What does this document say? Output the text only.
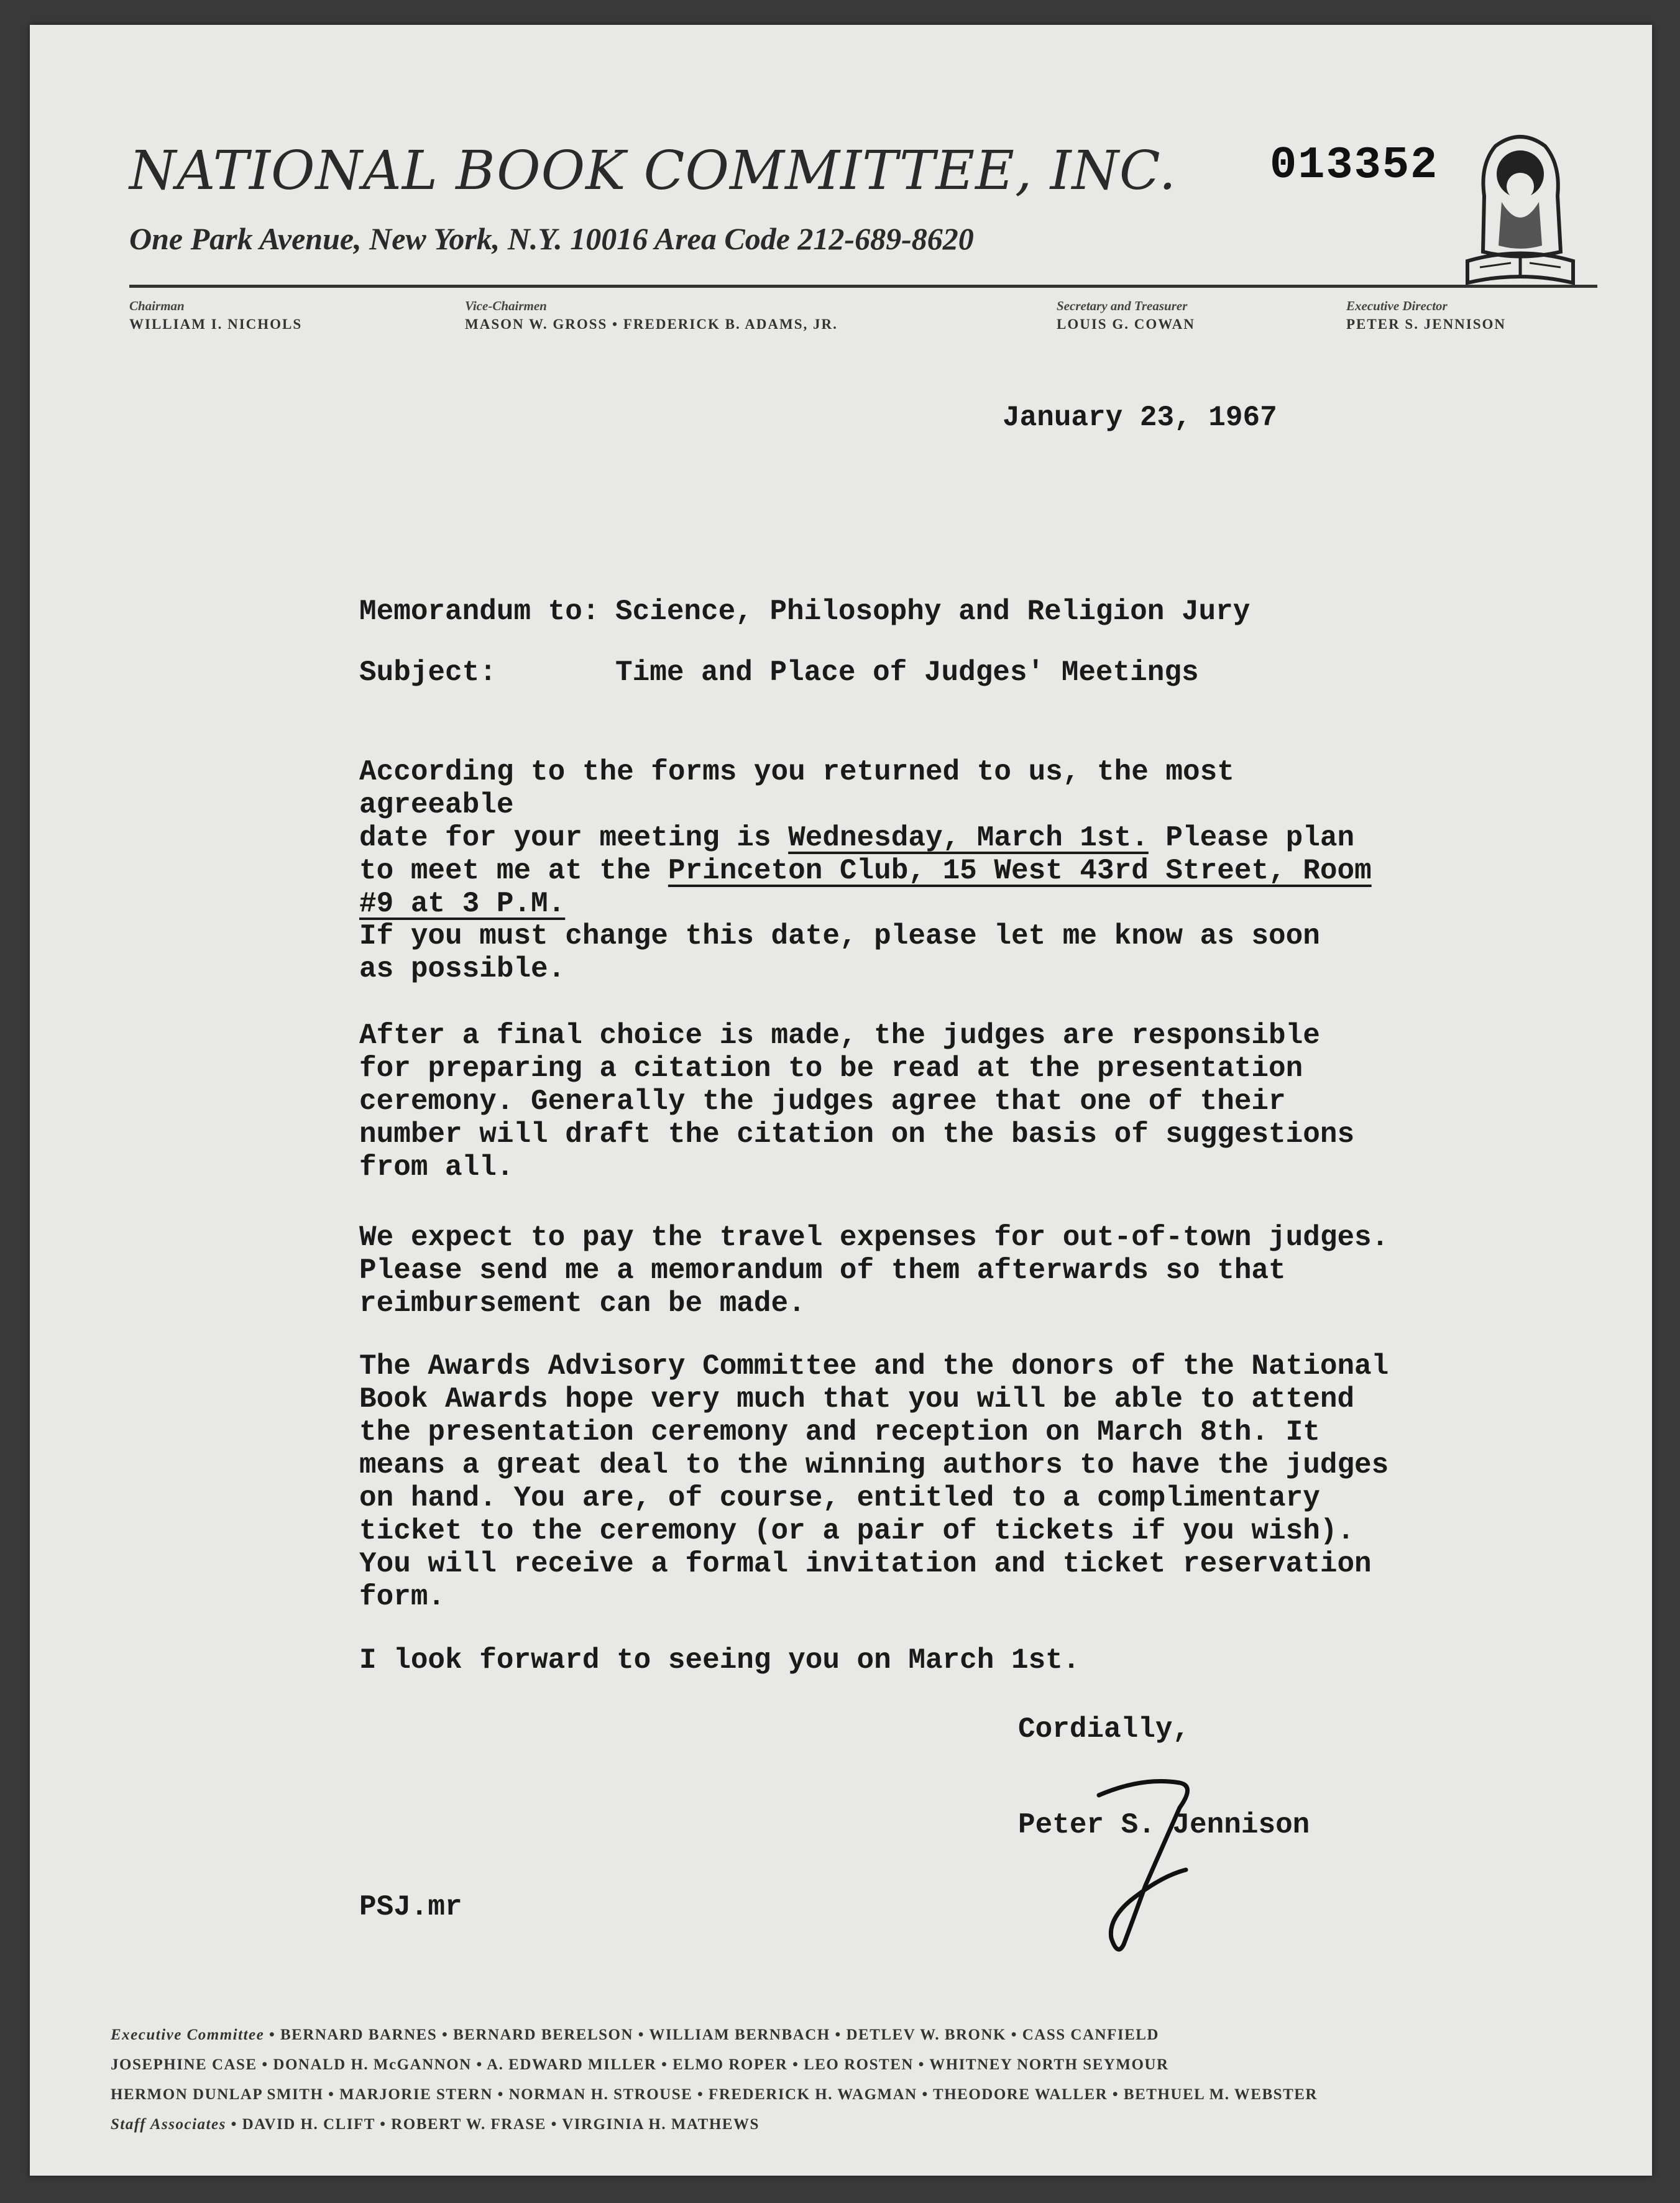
NATIONAL BOOK COMMITTEE, INC.
One Park Avenue, New York, N.Y. 10016 Area Code 212-689-8620
013352
Chairman
WILLIAM I. NICHOLS
Vice-Chairmen
MASON W. GROSS • FREDERICK B. ADAMS, JR.
Secretary and Treasurer
LOUIS G. COWAN
Executive Director
PETER S. JENNISON
January 23, 1967
Memorandum to: Science, Philosophy and Religion Jury
Subject:	Time and Place of Judges' Meetings
According to the forms you returned to us, the most agreeable
date for your meeting is Wednesday, March 1st. Please plan
to meet me at the Princeton Club, 15 West 43rd Street, Room
#9 at 3 P.M.
If you must change this date, please let me know as soon
as possible.
After a final choice is made, the judges are responsible
for preparing a citation to be read at the presentation
ceremony. Generally the judges agree that one of their
number will draft the citation on the basis of suggestions
from all.
We expect to pay the travel expenses for out-of-town judges.
Please send me a memorandum of them afterwards so that
reimbursement can be made.
The Awards Advisory Committee and the donors of the National
Book Awards hope very much that you will be able to attend
the presentation ceremony and reception on March 8th. It
means a great deal to the winning authors to have the judges
on hand. You are, of course, entitled to a complimentary
ticket to the ceremony (or a pair of tickets if you wish).
You will receive a formal invitation and ticket reservation
form.
I look forward to seeing you on March 1st.
Cordially,
Peter S. Jennison
PSJ.mr
Executive Committee • BERNARD BARNES • BERNARD BERELSON • WILLIAM BERNBACH • DETLEV W. BRONK • CASS CANFIELD
JOSEPHINE CASE • DONALD H. McGANNON • A. EDWARD MILLER • ELMO ROPER • LEO ROSTEN • WHITNEY NORTH SEYMOUR
HERMON DUNLAP SMITH • MARJORIE STERN • NORMAN H. STROUSE • FREDERICK H. WAGMAN • THEODORE WALLER • BETHUEL M. WEBSTER
Staff Associates • DAVID H. CLIFT • ROBERT W. FRASE • VIRGINIA H. MATHEWS
